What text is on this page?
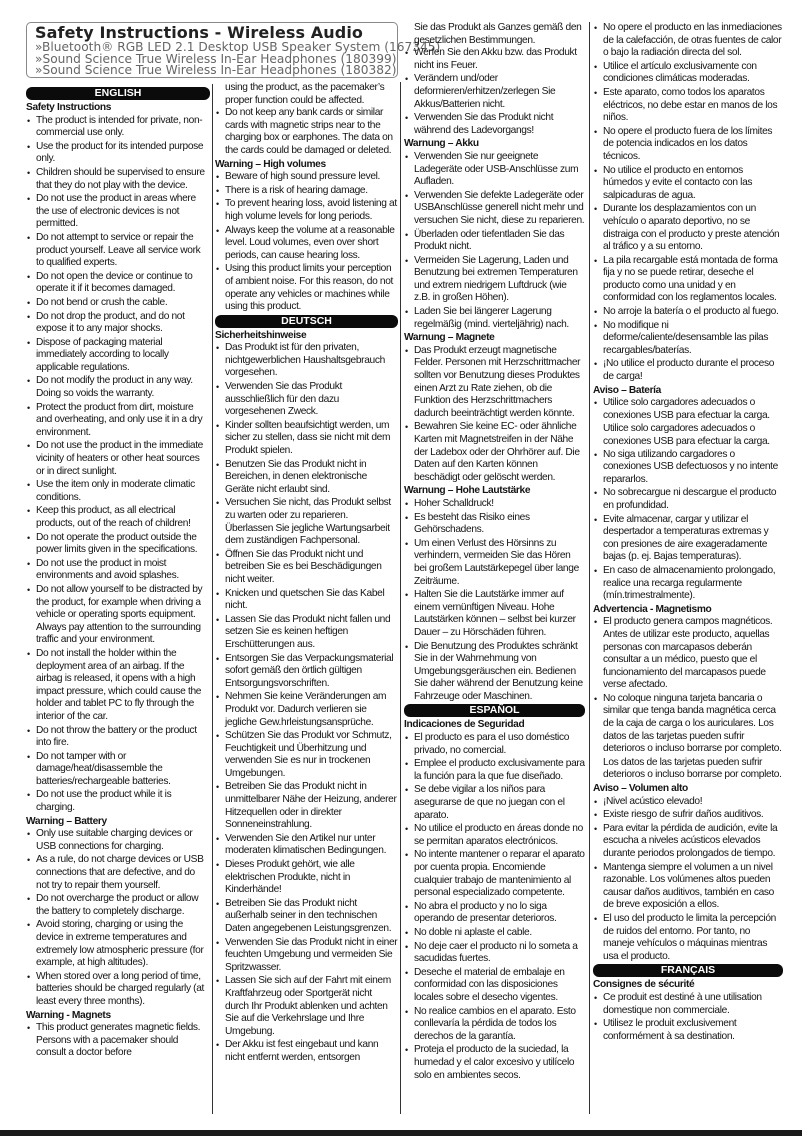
Safety Instructions - Wireless Audio
»Bluetooth® RGB LED 2.1 Desktop USB Speaker System (167345)
»Sound Science True Wireless In-Ear Headphones (180399)
»Sound Science True Wireless In-Ear Headphones (180382)
ENGLISH
Safety Instructions
• The product is intended for private, non-commercial use only.
• Use the product for its intended purpose only.
• Children should be supervised to ensure that they do not play with the device.
• Do not use the product in areas where the use of electronic devices is not permitted.
• Do not attempt to service or repair the product yourself. Leave all service work to qualified experts.
• Do not open the device or continue to operate it if it becomes damaged.
• Do not bend or crush the cable.
• Do not drop the product, and do not expose it to any major shocks.
• Dispose of packaging material immediately according to locally applicable regulations.
• Do not modify the product in any way. Doing so voids the warranty.
• Protect the product from dirt, moisture and overheating, and only use it in a dry environment.
• Do not use the product in the immediate vicinity of heaters or other heat sources or in direct sunlight.
• Use the item only in moderate climatic conditions.
• Keep this product, as all electrical products, out of the reach of children!
• Do not operate the product outside the power limits given in the specifications.
• Do not use the product in moist environments and avoid splashes.
• Do not allow yourself to be distracted by the product, for example when driving a vehicle or operating sports equipment. Always pay attention to the surrounding traffic and your environment.
• Do not install the holder within the deployment area of an airbag. If the airbag is released, it opens with a high impact pressure, which could cause the holder and tablet PC to fly through the interior of the car.
• Do not throw the battery or the product into fire.
• Do not tamper with or damage/heat/disassemble the batteries/rechargeable batteries.
• Do not use the product while it is charging.
Warning – Battery
• Only use suitable charging devices or USB connections for charging.
• As a rule, do not charge devices or USB connections that are defective, and do not try to repair them yourself.
• Do not overcharge the product or allow the battery to completely discharge.
• Avoid storing, charging or using the device in extreme temperatures and extremely low atmospheric pressure (for example, at high altitudes).
• When stored over a long period of time, batteries should be charged regularly (at least every three months).
Warning - Magnets
• This product generates magnetic fields. Persons with a pacemaker should consult a doctor before
using the product, as the pacemaker’s proper function could be affected.
• Do not keep any bank cards or similar cards with magnetic strips near to the charging box or earphones. The data on the cards could be damaged or deleted.
Warning – High volumes
• Beware of high sound pressure level.
• There is a risk of hearing damage.
• To prevent hearing loss, avoid listening at high volume levels for long periods.
• Always keep the volume at a reasonable level. Loud volumes, even over short periods, can cause hearing loss.
• Using this product limits your perception of ambient noise. For this reason, do not operate any vehicles or machines while using this product.
DEUTSCH
Sicherheitshinweise
• Das Produkt ist für den privaten, nichtgewerblichen Haushaltsgebrauch vorgesehen.
• Verwenden Sie das Produkt ausschließlich für den dazu vorgesehenen Zweck.
• Kinder sollten beaufsichtigt werden, um sicher zu stellen, dass sie nicht mit dem Produkt spielen.
• Benutzen Sie das Produkt nicht in Bereichen, in denen elektronische Geräte nicht erlaubt sind.
• Versuchen Sie nicht, das Produkt selbst zu warten oder zu reparieren. Überlassen Sie jegliche Wartungsarbeit dem zuständigen Fachpersonal.
• Öffnen Sie das Produkt nicht und betreiben Sie es bei Beschädigungen nicht weiter.
• Knicken und quetschen Sie das Kabel nicht.
• Lassen Sie das Produkt nicht fallen und setzen Sie es keinen heftigen Erschütterungen aus.
• Entsorgen Sie das Verpackungsmaterial sofort gemäß den örtlich gültigen Entsorgungsvorschriften.
• Nehmen Sie keine Veränderungen am Produkt vor. Dadurch verlieren sie jegliche Gew.hrleistungsansprüche.
• Schützen Sie das Produkt vor Schmutz, Feuchtigkeit und Überhitzung und verwenden Sie es nur in trockenen Umgebungen.
• Betreiben Sie das Produkt nicht in unmittelbarer Nähe der Heizung, anderer Hitzequellen oder in direkter Sonneneinstrahlung.
• Verwenden Sie den Artikel nur unter moderaten klimatischen Bedingungen.
• Dieses Produkt gehört, wie alle elektrischen Produkte, nicht in Kinderhände!
• Betreiben Sie das Produkt nicht außerhalb seiner in den technischen Daten angegebenen Leistungsgrenzen.
• Verwenden Sie das Produkt nicht in einer feuchten Umgebung und vermeiden Sie Spritzwasser.
• Lassen Sie sich auf der Fahrt mit einem Kraftfahrzeug oder Sportgerät nicht durch Ihr Produkt ablenken und achten Sie auf die Verkehrslage und Ihre Umgebung.
• Der Akku ist fest eingebaut und kann nicht entfernt werden, entsorgen
Sie das Produkt als Ganzes gemäß den gesetzlichen Bestimmungen.
• Werfen Sie den Akku bzw. das Produkt nicht ins Feuer.
• Verändern und/oder deformieren/erhitzen/zerlegen Sie Akkus/Batterien nicht.
• Verwenden Sie das Produkt nicht während des Ladevorgangs!
Warnung – Akku
• Verwenden Sie nur geeignete Ladegeräte oder USB-Anschlüsse zum Aufladen.
• Verwenden Sie defekte Ladegeräte oder USBAnschlüsse generell nicht mehr und versuchen Sie nicht, diese zu reparieren.
• Überladen oder tiefentladen Sie das Produkt nicht.
• Vermeiden Sie Lagerung, Laden und Benutzung bei extremen Temperaturen und extrem niedrigem Luftdruck (wie z.B. in großen Höhen).
• Laden Sie bei längerer Lagerung regelmäßig (mind. vierteljährig) nach.
Warnung – Magnete
• Das Produkt erzeugt magnetische Felder. Personen mit Herzschrittmacher sollten vor Benutzung dieses Produktes einen Arzt zu Rate ziehen, ob die Funktion des Herzschrittmachers dadurch beeinträchtigt werden könnte.
• Bewahren Sie keine EC- oder ähnliche Karten mit Magnetstreifen in der Nähe der Ladebox oder der Ohrhörer auf. Die Daten auf den Karten können beschädigt oder gelöscht werden.
Warnung – Hohe Lautstärke
• Hoher Schalldruck!
• Es besteht das Risiko eines Gehörschadens.
• Um einen Verlust des Hörsinns zu verhindern, vermeiden Sie das Hören bei großem Lautstärkepegel über lange Zeiträume.
• Halten Sie die Lautstärke immer auf einem vernünftigen Niveau. Hohe Lautstärken können – selbst bei kurzer Dauer – zu Hörschäden führen.
• Die Benutzung des Produktes schränkt Sie in der Wahrnehmung von Umgebungsgeräuschen ein. Bedienen Sie daher während der Benutzung keine Fahrzeuge oder Maschinen.
ESPAÑOL
Indicaciones de Seguridad
• El producto es para el uso doméstico privado, no comercial.
• Emplee el producto exclusivamente para la función para la que fue diseñado.
• Se debe vigilar a los niños para asegurarse de que no juegan con el aparato.
• No utilice el producto en áreas donde no se permitan aparatos electrónicos.
• No intente mantener o reparar el aparato por cuenta propia. Encomiende cualquier trabajo de mantenimiento al personal especializado competente.
• No abra el producto y no lo siga operando de presentar deterioros.
• No doble ni aplaste el cable.
• No deje caer el producto ni lo someta a sacudidas fuertes.
• Deseche el material de embalaje en conformidad con las disposiciones locales sobre el desecho vigentes.
• No realice cambios en el aparato. Esto conllevaría la pérdida de todos los derechos de la garantía.
• Proteja el producto de la suciedad, la humedad y el calor excesivo y utilícelo solo en ambientes secos.
• No opere el producto en las inmediaciones de la calefacción, de otras fuentes de calor o bajo la radiación directa del sol.
• Utilice el artículo exclusivamente con condiciones climáticas moderadas.
• Este aparato, como todos los aparatos eléctricos, no debe estar en manos de los niños.
• No opere el producto fuera de los límites de potencia indicados en los datos técnicos.
• No utilice el producto en entornos húmedos y evite el contacto con las salpicaduras de agua.
• Durante los desplazamientos con un vehículo o aparato deportivo, no se distraiga con el producto y preste atención al tráfico y a su entorno.
• La pila recargable está montada de forma fija y no se puede retirar, deseche el producto como una unidad y en conformidad con los reglamentos locales.
• No arroje la batería o el producto al fuego.
• No modifique ni deforme/caliente/desensamble las pilas recargables/baterías.
• ¡No utilice el producto durante el proceso de carga!
Aviso – Batería
• Utilice solo cargadores adecuados o conexiones USB para efectuar la carga.
Utilice solo cargadores adecuados o conexiones USB para efectuar la carga.
• No siga utilizando cargadores o conexiones USB defectuosos y no intente repararlos.
• No sobrecargue ni descargue el producto en profundidad.
• Evite almacenar, cargar y utilizar el despertador a temperaturas extremas y con presiones de aire exageradamente bajas (p. ej. Bajas temperaturas).
• En caso de almacenamiento prolongado, realice una recarga regularmente (mín.trimestralmente).
Advertencia - Magnetismo
• El producto genera campos magnéticos. Antes de utilizar este producto, aquellas personas con marcapasos deberán consultar a un médico, puesto que el funcionamiento del marcapasos puede verse afectado.
• No coloque ninguna tarjeta bancaria o similar que tenga banda magnética cerca de la caja de carga o los auriculares. Los datos de las tarjetas pueden sufrir deterioros o incluso borrarse por completo.
Los datos de las tarjetas pueden sufrir deterioros o incluso borrarse por completo.
Aviso – Volumen alto
• ¡Nivel acústico elevado!
• Existe riesgo de sufrir daños auditivos.
• Para evitar la pérdida de audición, evite la escucha a niveles acústicos elevados durante periodos prolongados de tiempo.
• Mantenga siempre el volumen a un nivel razonable. Los volúmenes altos pueden causar daños auditivos, también en caso de breve exposición a ellos.
• El uso del producto le limita la percepción de ruidos del entorno. Por tanto, no maneje vehículos o máquinas mientras usa el producto.
FRANÇAIS
Consignes de sécurité
• Ce produit est destiné à une utilisation domestique non commerciale.
• Utilisez le produit exclusivement conformément à sa destination.
